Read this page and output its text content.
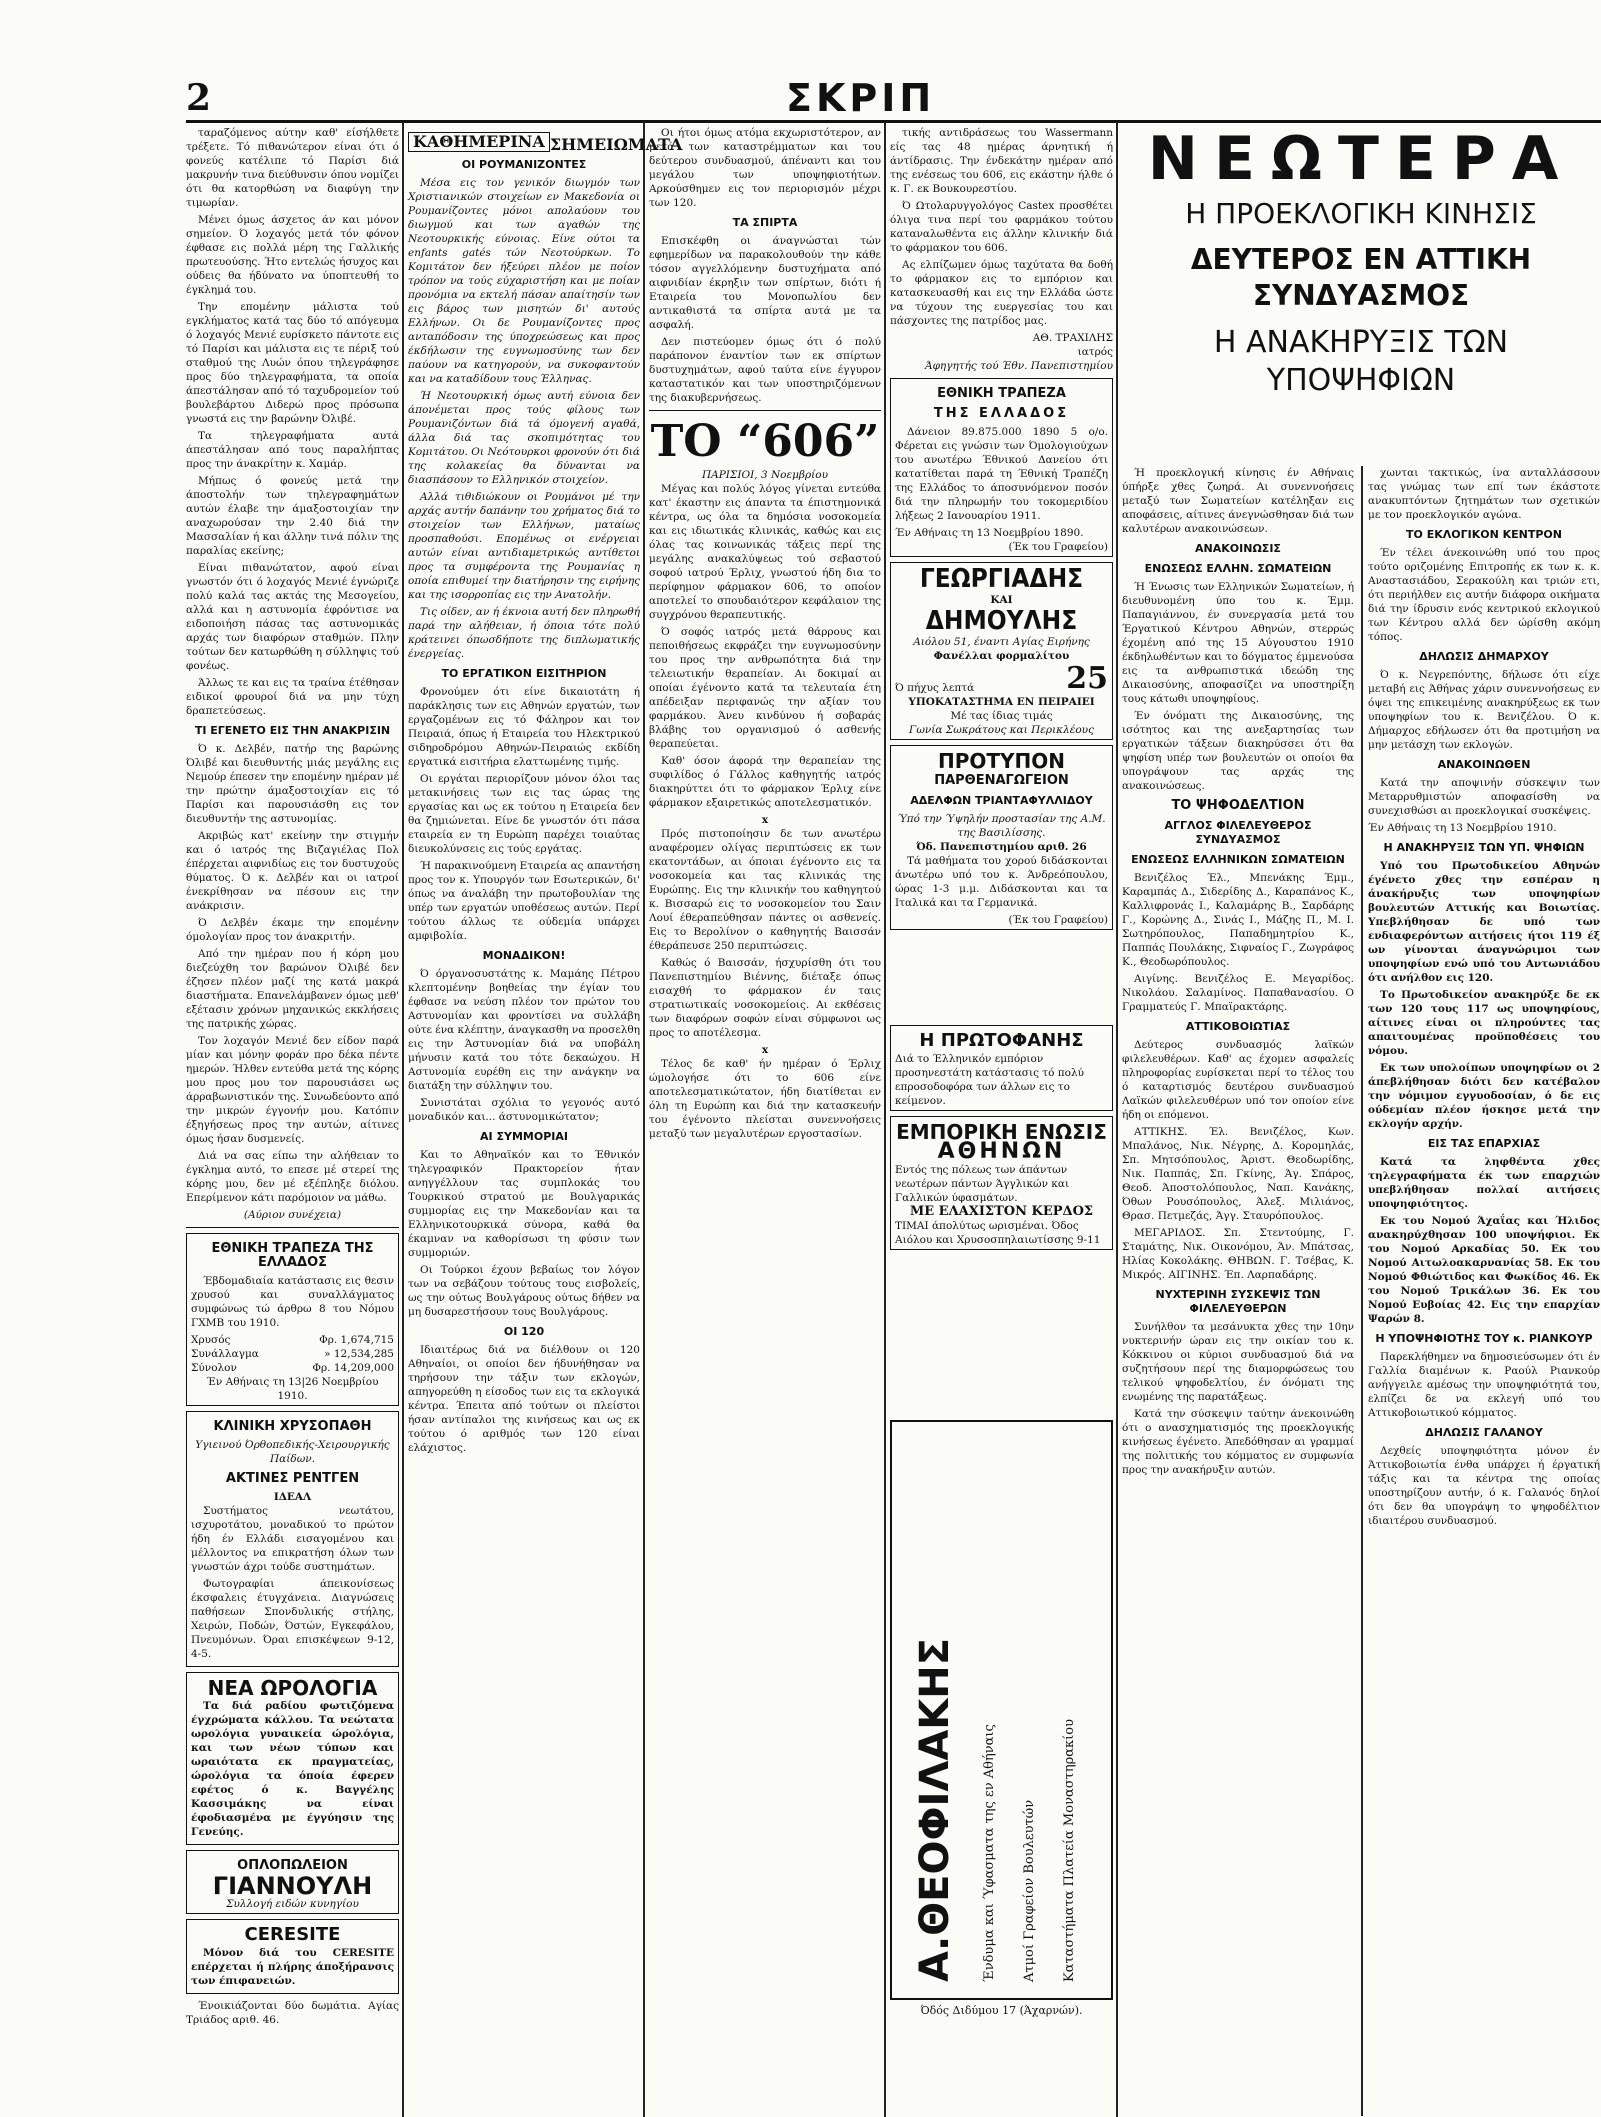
2	ΣΚΡΙΠ

ταραζόμενος αύτην καθ' είσήλθετε τρέξετε. Τό πιθανώτερον είναι ότι ό φονεύς κατέλιπε τό Παρίσι διά μακρυνήν τινα διεύθυνσιν όπου νομίζει ότι θα κατορθώση να διαφύγη την τιμωρίαν.

Μένει όμως άσχετος άν και μόνον σημείον. Ό λοχαγός μετά τόν φόνον έφθασε εις πολλά μέρη της Γαλλικής πρωτευούσης. Ήτο εντελώς ήσυχος και ούδεις θα ήδύνατο να ύποπτευθή το έγκλημά του.

Την επομένην μάλιστα τού εγκλήματος κατά τας δύο τό απόγευμα ό λοχαγός Μενιέ ευρίσκετο πάντοτε εις τό Παρίσι και μάλιστα εις τε πέριξ τού σταθμού της Λυών όπου τηλεγράφησε προς δύο τηλεγραφήματα, τα οποία άπεστάλησαν από τό ταχυδρομείον τού βουλεβάρτου Διδερώ προς πρόσωπα γνωστά εις την βαρώνην Όλιβέ.

Τα τηλεγραφήματα αυτά άπεστάλησαν από τους παραλήπτας προς την άνακρίτην κ. Χαμάρ.

Μήπως ό φονεύς μετά την άποστολήν των τηλεγραφημάτων αυτών έλαβε την άμαξοστοιχίαν την αναχωρούσαν την 2.40 διά την Μασσαλίαν ή και άλλην τινά πόλιν της παραλίας εκείνης;

Είναι πιθανώτατον, αφού είναι γνωστόν ότι ό λοχαγός Μενιέ έγνώριζε πολύ καλά τας ακτάς της Μεσογείου, αλλά και η αστυνομία έφρόντισε να ειδοποιήση πάσας τας αστυνομικάς αρχάς των διαφόρων σταθμών. Πλην τούτων δεν κατωρθώθη η σύλληψις τού φονέως.

Άλλως τε και εις τα τραίνα έτέθησαν ειδικοί φρουροί διά να μην τύχη δραπετεύσεως.

ΤΙ ΕΓΕΝΕΤΟ ΕΙΣ ΤΗΝ ΑΝΑΚΡΙΣΙΝ

Ό κ. Δελβέν, πατήρ της βαρώνης Όλιβέ και διευθυντής μιάς μεγάλης εις Νεμούρ έπεσεν την επομένην ημέραν μέ την πρώτην άμαξοστοιχίαν εις τό Παρίσι και παρουσιάσθη εις τον διευθυντήν της αστυνομίας.

Ακριβώς κατ' εκείνην την στιγμήν και ό ιατρός της Βιζαγιέλας Πολ έπέρχεται αιφνιδίως εις τον δυστυχούς θύματος. Ό κ. Δελβέν και οι ιατροί ένεκρίθησαν να πέσουν εις την ανάκρισιν.

Ό Δελβέν έκαμε την επομένην όμολογίαν προς τον άνακριτήν.

Από την ημέραν που ή κόρη μου διεζεύχθη τον βαρώνον Όλιβέ δεν έζησεν πλέον μαζί της κατά μακρά διαστήματα. Επανελάμβανεν όμως μεθ' εξέτασιν χρόνων μηχανικώς εκκλήσεις της πατρικής χώρας.

Τον λοχαγόν Μενιέ δεν είδον παρά μίαν και μόνην φοράν προ δέκα πέντε ημερών. Ήλθεν εντεύθα μετά της κόρης μου προς μου τον παρουσιάσει ως άρραβωνιστικόν της. Συνωδεύοντο από την μικρών έγγονήν μου. Κατόπιν έξηγήσεως προς την αυτών, αίτινες όμως ήσαν δυσμενείς.

Διά να σας είπω την αλήθειαν το έγκλημα αυτό, το επεσε μέ στερεί της κόρης μου, δεν μέ εξέπληξε διόλου. Επερίμενον κάτι παρόμοιον να μάθω.

(Αύριον συνέχεια)
ΕΘΝΙΚΗ ΤΡΑΠΕΖΑ ΤΗΣ ΕΛΛΑΔΟΣ

Έβδομαδιαία κατάστασις εις θεσιν χρυσού και συναλλάγματος συμφώνως τώ άρθρω 8 του Νόμου ΓΧΜΒ του 1910.

Χρυσός	Φρ. 1,674,715
Συνάλλαγμα	» 12,534,285
Σύνολον	Φρ. 14,209,000
Έν Αθήναις τη 13|26 Νοεμβρίου 1910.
ΚΛΙΝΙΚΗ ΧΡΥΣΟΠΑΘΗ
Υγιεινού Όρθοπεδικής-Χειρουργικής Παίδων.
ΑΚΤΙΝΕΣ ΡΕΝΤΓΕΝ
ΙΔΕΑΛ

Συστήματος νεωτάτου, ισχυροτάτου, μοναδικού το πρώτον ήδη έν Ελλάδι εισαγομένου και μέλλοντος να επικρατήση όλων των γνωστών άχρι τούδε συστημάτων.

Φωτογραφίαι άπεικονίσεως έκσφαλεις έτυγχάνεια. Διαγνώσεις παθήσεων Σπονδυλικής στήλης, Χειρών, Ποδών, Όστών, Εγκεφάλου, Πνευμόνων. Όραι επισκέψεων 9-12, 4-5.

ΝΕΑ ΩΡΟΛΟΓΙΑ

Τα διά ραδίου φωτιζόμενα έγχρώματα κάλλου. Τα νεώτατα ωρολόγια γυναικεία ώρολόγια, και των νέων τύπων και ωραιότατα εκ πραγματείας, ώρολόγια τα όποία έφερεν εφέτος ό κ. Βαγγέλης Κασσιμάκης να είναι έφοδιασμένα με έγγύησιν της Γενεύης.

ΟΠΛΟΠΩΛΕΙΟΝ
ΓΙΑΝΝΟΥΛΗ
Συλλογή ειδών κυνηγίου
CERESITE

Μόνον διά του CERESITE επέρχεται ή πλήρης άποξήρανσις των έπιφανειών.

Ένοικιάζονται δύο δωμάτια. Αγίας Τριάδος αριθ. 46.

ΚΑΘΗΜΕΡΙΝΑ ΣΗΜΕΙΩΜΑΤΑ
ΟΙ ΡΟΥΜΑΝΙΖΟΝΤΕΣ

Μέσα εις τον γενικόν διωγμόν των Χριστιανικών στοιχείων εν Μακεδονία οι Ρουμανίζοντες μόνοι απολαύουν του διωγμού και των αγαθών της Νεοτουρκικής εύνοιας. Είνε ούτοι τα enfants gatés τών Νεοτούρκων. Το Κομιτάτον δεν ήξεύρει πλέον με ποίον τρόπον να τούς εύχαριστήση και με ποίαν προνόμια να εκτελή πάσαν απαίτησίν των εις βάρος των μισητών δι' αυτούς Ελλήνων. Οι δε Ρουμανίζοντες προς ανταπόδοσιν της ύποχρεώσεως και προς έκδήλωσιν της ευγνωμοσύνης των δεν παύουν να κατηγορούν, να συκοφαντούν και να καταδίδουν τους Έλληνας.

Ή Νεοτουρκική όμως αυτή εύνοια δεν άπονέμεται προς τούς φίλους των Ρουμανιζόντων διά τά όμογενή αγαθά, άλλα διά τας σκοπιμότητας του Κομιτάτου. Οι Νεότουρκοι φρονούν ότι διά της κολακείας θα δύνανται να διασπάσουν το Ελληνικόν στοιχείον.

Αλλά τιθιδιώκουν οι Ρουμάνοι μέ την αρχάς αυτήν δαπάνην του χρήματος διά το στοιχείον των Ελλήνων, ματαίως προσπαθούσι. Επομένως οι ενέργειαι αυτών είναι αντιδιαμετρικώς αντίθετοι προς τα συμφέροντα της Ρουμανίας η οποία επιθυμεί την διατήρησιν της ειρήνης και της ισορροπίας εις την Ανατολήν.

Τις οίδεν, αν ή έκνοια αυτή δεν πληρωθή παρά την αλήθειαν, ή όποια τότε πολύ κράτεινει όπωσδήποτε της διπλωματικής ένεργείας.

ΤΟ ΕΡΓΑΤΙΚΟΝ ΕΙΣΙΤΗΡΙΟΝ

Φρονούμεν ότι είνε δικαιοτάτη ή παράκλησις των εις Αθηνών εργατών, των εργαζομένων εις τό Φάληρον και τον Πειραιά, όπως ή Εταιρεία του Ηλεκτρικού σιδηροδρόμου Αθηνών-Πειραιώς εκδίδη εργατικά εισιτήρια ελαττωμένης τιμής.

Οι εργάται περιορίζουν μόνον όλοι τας μετακινήσεις των εις τας ώρας της εργασίας και ως εκ τούτου η Εταιρεία δεν θα ζημιώνεται. Είνε δε γνωστόν ότι πάσα εταιρεία εν τη Ευρώπη παρέχει τοιαύτας διευκολύνσεις εις τούς εργάτας.

Ή παρακινούμενη Εταιρεία ας απαντήση προς τον κ. Υπουργόν των Εσωτερικών, δι' όπως να άναλάβη την πρωτοβουλίαν της υπέρ των εργατών υποθέσεως αυτών. Περί τούτου άλλως τε ούδεμία υπάρχει αμφιβολία.

ΜΟΝΑΔΙΚΟΝ!

Ό όργανοσυστάτης κ. Μαμάης Πέτρου κλεπτομένην βοηθείας την έγίαν του έφθασε να νεύση πλέον τον πρώτον του Αστυνομίαν και φροντίσει να συλλάβη ούτε ένα κλέπτην, άναγκασθη να προσελθη εις την Άστυνομίαν διά να υποβάλη μήνυσιν κατά του τότε δεκαώχου. Η Αστυνομία ευρέθη εις την ανάγκην να διατάξη την σύλληψιν του.

Συνιστάται σχόλια το γεγονός αυτό μοναδικόν και... άστυνομικώτατον;

ΑΙ ΣΥΜΜΟΡΙΑΙ

Και το Αθηναϊκόν και το Έθνικόν τηλεγραφικόν Πρακτορείον ήταν ανηγγέλλουν τας συμπλοκάς του Τουρκικού στρατού με Βουλγαρικάς συμμορίας εις την Μακεδονίαν και τα Ελληνικοτουρκικά σύνορα, καθά θα έκαμναν να καθορίσωσι τη φύσιν των συμμοριών.

Οι Τούρκοι έχουν βεβαίως τον λόγον των να σεβάζουν τούτους τους εισβολείς, ως την ούτως Βουλγάρους ούτως δήθεν να μη δυσαρεστήσουν τους Βουλγάρους.

ΟΙ 120

Ιδιαιτέρως διά να διέλθουν οι 120 Αθηναίοι, οι οποίοι δεν ήδυνήθησαν να τηρήσουν την τάξιν των εκλογών, απηγορεύθη η είσοδος των εις τα εκλογικά κέντρα. Έπειτα από τούτων οι πλείστοι ήσαν αντίπαλοι της κινήσεως και ως εκ τούτου ό αριθμός των 120 είναι ελάχιστος.

Οι ήτοι όμως ατόμα εκχωριστότερον, αν μετά των καταστρέμματων και του δεύτερου συνδυασμού, άπέναντι και του μεγάλου των υποψηφιοτήτων. Αρκούσθημεν εις τον περιορισμόν μέχρι των 120.

ΤΑ ΣΠΙΡΤΑ

Επισκέφθη οι άναγνώσται τών εφημερίδων να παρακολουθούν την κάθε τόσον αγγελλόμενην δυστυχήματα από αιφνιδίαν έκρηξιν των σπίρτων, διότι ή Εταιρεία του Μονοπωλίου δεν αντικαθιστά τα σπίρτα αυτά με τα ασφαλή.

Δεν πιστεύομεν όμως ότι ό πολύ παράπονον έναντίον των εκ σπίρτων δυστυχημάτων, αφού ταύτα είνε έγγυρον καταστατικόν και των υποστηριζόμενων της διακυβερνήσεως.

ΤΟ “606”
ΠΑΡΙΣΙΟΙ, 3 Νοεμβρίου

Μέγας και πολύς λόγος γίνεται εντεύθα κατ' έκαστην εις άπαντα τα έπιστημονικά κέντρα, ως όλα τα δημόσια νοσοκομεία και εις ιδιωτικάς κλινικάς, καθώς και εις όλας τας κοινωνικάς τάξεις περί της μεγάλης ανακαλύψεως τού σεβαστού σοφού ιατρού Έρλιχ, γνωστού ήδη δια το περίφημον φάρμακον 606, το οποίον αποτελεί το σπουδαιότερον κεφάλαιον της συγχρόνου θεραπευτικής.

Ό σοφός ιατρός μετά θάρρους και πεποιθήσεως εκφράζει την ευγνωμοσύνην του προς την ανθρωπότητα διά την τελειωτικήν θεραπείαν. Αι δοκιμαί αι οποίαι έγένοντο κατά τα τελευταία έτη απέδειξαν περιφανώς την αξίαν του φαρμάκου. Άνευ κινδύνου ή σοβαράς βλάβης του οργανισμού ό ασθενής θεραπεύεται.

Καθ' όσον άφορά την θεραπείαν της συφιλίδος ό Γάλλος καθηγητής ιατρός διακηρύττει ότι το φάρμακον Έρλιχ είνε φάρμακον εξαιρετικώς αποτελεσματικόν.

x

Πρός πιστοποίησιν δε των ανωτέρω αναφέρομεν ολίγας περιπτώσεις εκ των εκατοντάδων, αι όποιαι έγένοντο εις τα νοσοκομεία και τας κλινικάς της Ευρώπης. Εις την κλινικήν του καθηγητού κ. Βισσαρώ εις το νοσοκομείον του Σαιν Λουί έθεραπεύθησαν πάντες οι ασθενείς. Εις το Βερολίνον ο καθηγητής Βαισσάν έθεράπευσε 250 περιπτώσεις.

Καθώς ό Βαισσάν, ήσχυρίσθη ότι του Πανεπιστημίου Βιέννης, διέταξε όπως εισαχθή το φάρμακον έν ταις στρατιωτικαίς νοσοκομείοις. Αι εκθέσεις των διαφόρων σοφών είναι σύμφωνοι ως προς το αποτέλεσμα.

x

Τέλος δε καθ' ήν ημέραν ό Έρλιχ ώμολογήσε ότι το 606 είνε αποτελεσματικώτατον, ήδη διατίθεται εν όλη τη Ευρώπη και διά την κατασκευήν του έγένοντο πλείσται συνεννοήσεις μεταξύ των μεγαλυτέρων εργοστασίων.

τικής αντιδράσεως του Wassermann είς τας 48 ημέρας άρνητική ή άντίδρασις. Την ένδεκάτην ημέραν από της ενέσεως του 606, εις εκάστην ήλθε ό κ. Γ. εκ Βουκουρεστίου.

Ό Ωτολαρυγγολόγος Castex προσθέτει όλιγα τινα περί του φαρμάκου τούτου καταναλωθέντα εις άλλην κλινικήν διά το φάρμακον του 606.

Ας ελπίζωμεν όμως ταχύτατα θα δοθή το φάρμακον εις το εμπόριον και κατασκευασθή και εις την Ελλάδα ώστε να τύχουν της ευεργεσίας του και πάσχοντες της πατρίδος μας.

ΑΘ. ΤΡΑΧΙΛΗΣ
ιατρός
Άφηγητής τού Έθν. Πανεπιστημίου
ΕΘΝΙΚΗ ΤΡΑΠΕΖΑ
ΤΗΣ ΕΛΛΑΔΟΣ

Δάνειον 89.875.000 1890 5 ο/ο. Φέρεται εις γνώσιν των Όμολογιούχων του ανωτέρω Έθνικού Δανείου ότι κατατίθεται παρά τη Έθνική Τραπέζη της Ελλάδος το άποσυνόμενον ποσόν διά την πληρωμήν του τοκομεριδίου λήξεως 2 Ιανουαρίου 1911.

Έν Αθήναις τη 13 Νοεμβρίου 1890.
(Έκ του Γραφείου)
ΓΕΩΡΓΙΑΔΗΣ
ΚΑΙ
ΔΗΜΟΥΛΗΣ
Αιόλου 51, έναντι Αγίας Ειρήνης
Φανέλλαι φορμαλίτου
Ό πήχυς λεπτά	25
ΥΠΟΚΑΤΑΣΤΗΜΑ ΕΝ ΠΕΙΡΑΙΕΙ
Μέ τας ίδιας τιμάς
Γωνία Σωκράτους και Περικλέους
ΠΡΟΤΥΠΟΝ
ΠΑΡΘΕΝΑΓΩΓΕΙΟΝ
ΑΔΕΛΦΩΝ ΤΡΙΑΝΤΑΦΥΛΛΙΔΟΥ
Ύπό την Ύψηλήν προστασίαν της Α.Μ. της Βασιλίσσης.
Όδ. Πανεπιστημίου αριθ. 26

Τά μαθήματα του χορού διδάσκονται άνωτέρω υπό του κ. Άνδρεόπουλου, ώρας 1-3 μ.μ. Διδάσκονται και τα Ιταλικά και τα Γερμανικά.

(Έκ του Γραφείου)
Η ΠΡΩΤΟΦΑΝΗΣ

Διά το Έλληνικόν εμπόριον προσηνεστάτη κατάστασις τό πολύ επροσοδοφόρα των άλλων εις το κείμενον.

ΕΜΠΟΡΙΚΗ ΕΝΩΣΙΣ
ΑΘΗΝΩΝ

Εντός της πόλεως των άπάντων νεωτέρων πάντων Άγγλικών και Γαλλικών ύφασμάτων.

ΜΕ ΕΛΑΧΙΣΤΟΝ ΚΕΡΔΟΣ

ΤΙΜΑΙ άπολύτως ωρισμέναι. Όδος Αιόλου και Χρυσοσπηλαιωτίσσης 9-11

Α.ΘΕΟΦΙΛΑΚΗΣ Ένδυμα και Ύφασματα της εν Αθήναις Ατμοί Γραφείον Βουλευτών Καταστήματα Πλατεία Μοναστηρακίου
Όδός Διδύμου 17 (Άχαρνών).
ΝΕΩΤΕΡΑ
Η ΠΡΟΕΚΛΟΓΙΚΗ ΚΙΝΗΣΙΣ
ΔΕΥΤΕΡΟΣ ΕΝ ΑΤΤΙΚΗ ΣΥΝΔΥΑΣΜΟΣ
Η ΑΝΑΚΗΡΥΞΙΣ ΤΩΝ ΥΠΟΨΗΦΙΩΝ

Ή προεκλογική κίνησις έν Αθήναις ύπήρξε χθες ζωηρά. Αι συνεννοήσεις μεταξύ των Σωματείων κατέληξαν εις αποφάσεις, αίτινες άνεγνώσθησαν διά των καλυτέρων ανακοινώσεων.

ΑΝΑΚΟΙΝΩΣΙΣ
ΕΝΩΣΕΩΣ ΕΛΛΗΝ. ΣΩΜΑΤΕΙΩΝ

Ή Ένωσις των Ελληνικών Σωματείων, ή διευθυνομένη ύπο του κ. Έμμ. Παπαγιάννου, έν συνεργασία μετά του Έργατικού Κέντρου Αθηνών, στερρώς έχομένη από της 15 Αύγουστου 1910 έκδηλωθέντων και το δόγματος έμμενούσα εις τα ανθρωπιστικά ιδεώδη της Δικαιοσύνης, αποφασίζει να υποστηρίξη τους κάτωθι υποψηφίους.

Έν όνόματι της Δικαιοσύνης, της ισότητος και της ανεξαρτησίας των εργατικών τάξεων διακηρύσσει ότι θα ψηφίση υπέρ των βουλευτών οι οποίοι θα υπογράψουν τας αρχάς της ανακοινώσεως.

ΤΟ ΨΗΦΟΔΕΛΤΙΟΝ
ΑΓΓΛΟΣ ΦΙΛΕΛΕΥΘΕΡΟΣ ΣΥΝΔΥΑΣΜΟΣ
ΕΝΩΣΕΩΣ ΕΛΛΗΝΙΚΩΝ ΣΩΜΑΤΕΙΩΝ

Βενιζέλος Έλ., Μπενάκης Έμμ., Καραμπάς Δ., Σιδερίδης Δ., Καραπάνος Κ., Καλλιφρονάς Ι., Καλαμάρης Β., Σαρδάρης Γ., Κορώνης Δ., Σινάς Ι., Μάζης Π., Μ. Ι. Σωτηρόπουλος, Παπαδημητρίου Κ., Παππάς Πουλάκης, Σιφναίος Γ., Ζωγράφος Κ., Θεοδωρόπουλος.

Αιγίνης. Βενιζέλος Ε. Μεγαρίδος. Νικολάου. Σαλαμίνος. Παπαθανασίου. Ο Γραμματεύς Γ. Μπαϊρακτάρης.

ΑΤΤΙΚΟΒΟΙΩΤΙΑΣ

Δεύτερος συνδυασμός λαϊκών φιλελευθέρων. Καθ' ας έχομεν ασφαλείς πληροφορίας ευρίσκεται περί το τέλος του ό καταρτισμός δευτέρου συνδυασμού Λαϊκών φιλελευθέρων υπό τον οποίον είνε ήδη οι επόμενοι.

ΑΤΤΙΚΗΣ. Έλ. Βενιζέλος, Κων. Μπαλάνος, Νικ. Νέγρης, Δ. Κορομηλάς, Σπ. Μητσόπουλος, Άριστ. Θεοδωρίδης, Νικ. Παππάς, Σπ. Γκίνης, Άγ. Σπάρος, Θεοδ. Άποστολόπουλος, Ναπ. Κανάκης, Όθων Ρουσόπουλος, Άλεξ. Μιλιάνος, Θρασ. Πετμεζάς, Άγγ. Σταυρόπουλος.

ΜΕΓΑΡΙΔΟΣ. Σπ. Στεντούμης, Γ. Σταμάτης, Νικ. Οικονόμου, Άν. Μπάτσας, Ηλίας Κοκολάκης. ΘΗΒΩΝ. Γ. Τσέβας, Κ. Μικρός. ΑΙΓΙΝΗΣ. Έπ. Λαρπαδάρης.

ΝΥΧΤΕΡΙΝΗ ΣΥΣΚΕΨΙΣ ΤΩΝ ΦΙΛΕΛΕΥΘΕΡΩΝ

Συνήλθον τα μεσάνυκτα χθες την 10ην νυκτερινήν ώραν εις την οικίαν του κ. Κόκκινου οι κύριοι συνδυασμού διά να συζητήσουν περί της διαμορφώσεως του τελικού ψηφοδελτίου, έν όνόματι της ενωμένης της παρατάξεως.

Κατά την σύσκεψιν ταύτην άνεκοινώθη ότι ο ανασχηματισμός της προεκλογικής κινήσεως έγένετο. Άπεδόθησαν αι γραμμαί της πολιτικής του κόμματος εν συμφωνία προς την ανακήρυξιν αυτών.

χωνται τακτικώς, ίνα ανταλλάσσουν τας γνώμας των επί των έκάστοτε ανακυπτόντων ζητημάτων των σχετικών με τον προεκλογικόν αγώνα.

ΤΟ ΕΚΛΟΓΙΚΟΝ ΚΕΝΤΡΟΝ

Έν τέλει άνεκοινώθη υπό του προς τούτο οριζομένης Επιτροπής εκ των κ. κ. Αναστασιάδου, Σερακούλη και τριών ετι, ότι περιήλθεν εις αυτήν διάφορα οικήματα διά την ίδρυσιν ενός κεντρικού εκλογικού των Κέντρου αλλά δεν ώρίσθη ακόμη τόπος.

ΔΗΛΩΣΙΣ ΔΗΜΑΡΧΟΥ

Ό κ. Νεγρεπόντης, δήλωσε ότι είχε μεταβή εις Άθήνας χάριν συνεννοήσεως εν όψει της επικειμένης ανακηρύξεως εκ των υποψηφίων του κ. Βενιζέλου. Ό κ. Δήμαρχος εδήλωσεν ότι θα προτιμήση να μην μετάσχη των εκλογών.

ΑΝΑΚΟΙΝΩΘΕΝ

Κατά την αποψινήν σύσκεψιν των Μεταρρυθμιστών αποφασίσθη να συνεχισθώσι αι προεκλογικαί συσκέψεις.

Έν Αθήναις τη 13 Νοεμβρίου 1910.
Η ΑΝΑΚΗΡΥΞΙΣ ΤΩΝ ΥΠ. ΨΗΦΙΩΝ

Υπό του Πρωτοδικείου Αθηνών έγένετο χθες την εσπέραν η άνακήρυξις των υποψηφίων βουλευτών Αττικής και Βοιωτίας. Υπεβλήθησαν δε υπό των ενδιαφερόντων αιτήσεις ήτοι 119 έξ ων γίνονται άναγνώριμοι των υποψηφίων ενώ υπό του Αντωνιάδου ότι ανήλθον εις 120.

Το Πρωτοδικείον ανακηρύξε δε εκ των 120 τους 117 ως υποψηφίους, αίτινες είναι οι πληρούντες τας απαιτουμένας προϋποθέσεις του νόμου.

Εκ των υπολοίπων υποψηφίων οι 2 άπεβλήθησαν διότι δεν κατέβαλον την νόμιμον εγγυοδοσίαν, ό δε εις ούδεμίαν πλέον ήσκησε μετά την εκλογήν αρχήν.

ΕΙΣ ΤΑΣ ΕΠΑΡΧΙΑΣ

Κατά τα ληφθέντα χθες τηλεγραφήματα έκ των επαρχιών υπεβλήθησαν πολλαί αιτήσεις υποψηφιότητος.

Εκ του Νομού Άχαΐας και Ήλιδος ανακηρύχθησαν 100 υποψήφιοι. Εκ του Νομού Αρκαδίας 50. Εκ του Νομού Αιτωλοακαρνανίας 58. Εκ του Νομού Φθιώτιδος και Φωκίδος 46. Εκ του Νομού Τρικάλων 36. Εκ του Νομού Ευβοίας 42. Εις την επαρχίαν Ψαρών 8.

Η ΥΠΟΨΗΦΙΟΤΗΣ ΤΟΥ κ. ΡΙΑΝΚΟΥΡ

Παρεκλήθημεν να δημοσιεύσωμεν ότι έν Γαλλία διαμένων κ. Ραούλ Ριανκούρ ανήγγειλε αμέσως την υποψηφιότητά του, ελπίζει δε να εκλεγή υπό του Αττικοβοιωτικού κόμματος.

ΔΗΛΩΣΙΣ ΓΑΛΑΝΟΥ

Δεχθείς υποψηφιότητα μόνον έν Άττικοβοιωτία ένθα υπάρχει ή έργατική τάξις και τα κέντρα της οποίας υποστηρίζουν αυτήν, ό κ. Γαλανός δηλοί ότι δεν θα υπογράψη το ψηφοδέλτιον ιδιαιτέρου συνδυασμού.
